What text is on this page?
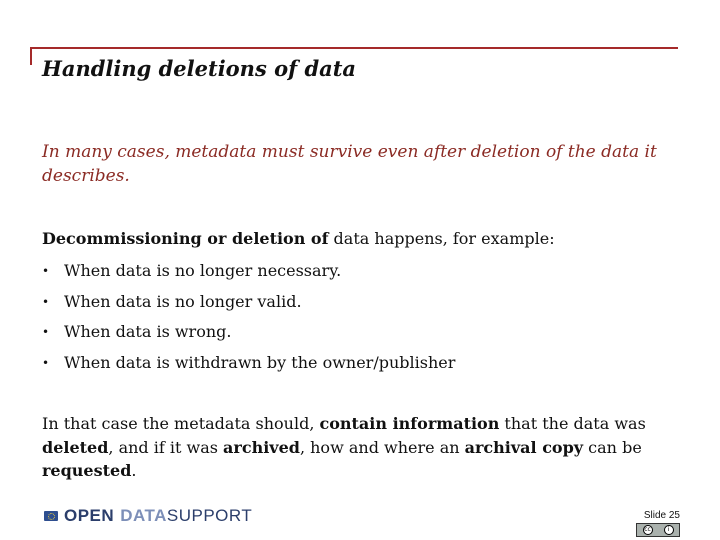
Handling deletions of data
In many cases, metadata must survive even after deletion of the data it describes.
Decommissioning or deletion of data happens, for example:
• When data is no longer necessary.
• When data is no longer valid.
• When data is wrong.
• When data is withdrawn by the owner/publisher
In that case the metadata should, contain information that the data was deleted, and if it was archived, how and where an archival copy can be requested.
OPEN DATA SUPPORT	Slide 25
cc	i
